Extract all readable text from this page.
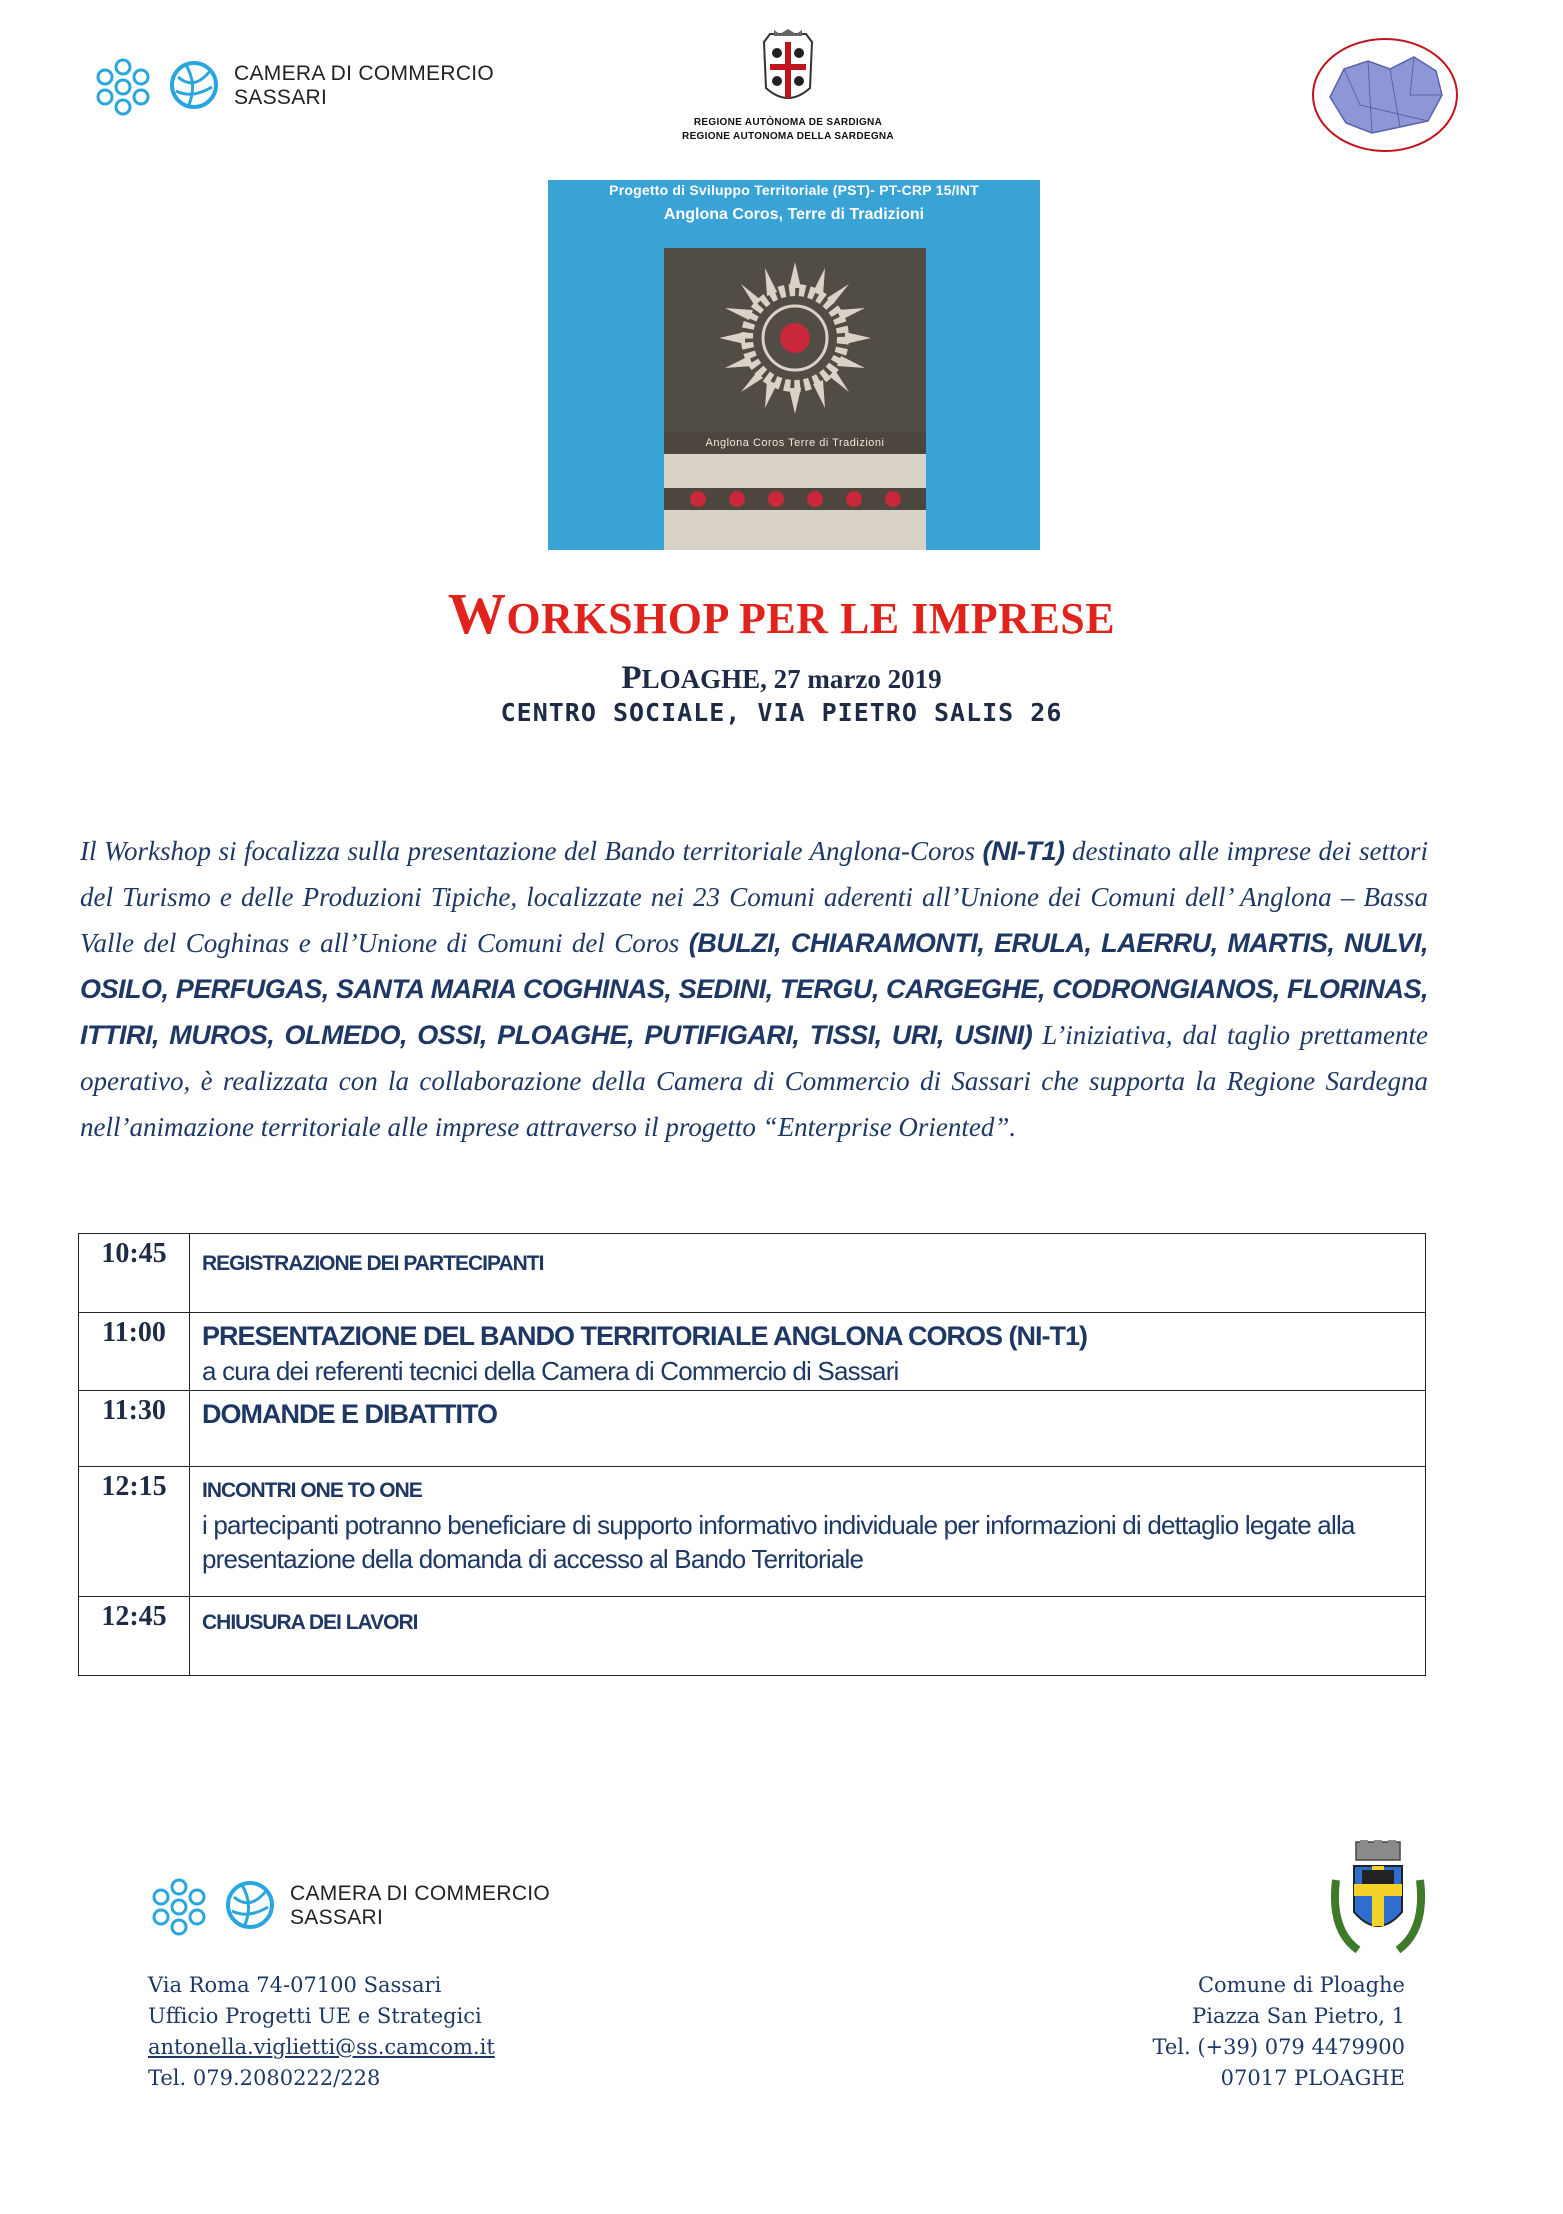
CAMERA DI COMMERCIO
SASSARI
REGIONE AUTÒNOMA DE SARDIGNA
REGIONE AUTONOMA DELLA SARDEGNA
Progetto di Sviluppo Territoriale (PST)- PT-CRP 15/INT
Anglona Coros, Terre di Tradizioni
Anglona Coros Terre di Tradizioni
WORKSHOP PER LE IMPRESE
PLOAGHE, 27 marzo 2019
CENTRO SOCIALE, VIA PIETRO SALIS 26
Il Workshop si focalizza sulla presentazione del Bando territoriale Anglona-Coros (NI-T1) destinato alle imprese dei settori del Turismo e delle Produzioni Tipiche, localizzate nei 23 Comuni aderenti all’Unione dei Comuni dell’ Anglona – Bassa Valle del Coghinas e all’Unione di Comuni del Coros (BULZI, CHIARAMONTI, ERULA, LAERRU, MARTIS, NULVI, OSILO, PERFUGAS, SANTA MARIA COGHINAS, SEDINI, TERGU, CARGEGHE, CODRONGIANOS, FLORINAS, ITTIRI, MUROS, OLMEDO, OSSI, PLOAGHE, PUTIFIGARI, TISSI, URI, USINI) L’iniziativa, dal taglio prettamente operativo, è realizzata con la collaborazione della Camera di Commercio di Sassari che supporta la Regione Sardegna nell’animazione territoriale alle imprese attraverso il progetto “Enterprise Oriented”.
10:45	REGISTRAZIONE DEI PARTECIPANTI

11:00	PRESENTAZIONE DEL BANDO TERRITORIALE ANGLONA COROS (NI-T1)
a cura dei referenti tecnici della Camera di Commercio di Sassari

11:30	DOMANDE E DIBATTITO

12:15	INCONTRI ONE TO ONE
i partecipanti potranno beneficiare di supporto informativo individuale per informazioni di dettaglio legate alla presentazione della domanda di accesso al Bando Territoriale

12:45	CHIUSURA DEI LAVORI
CAMERA DI COMMERCIO
SASSARI
Via Roma 74-07100 Sassari
Ufficio Progetti UE e Strategici
antonella.viglietti@ss.camcom.it
Tel. 079.2080222/228
Comune di Ploaghe
Piazza San Pietro, 1
Tel. (+39) 079 4479900
07017 PLOAGHE
